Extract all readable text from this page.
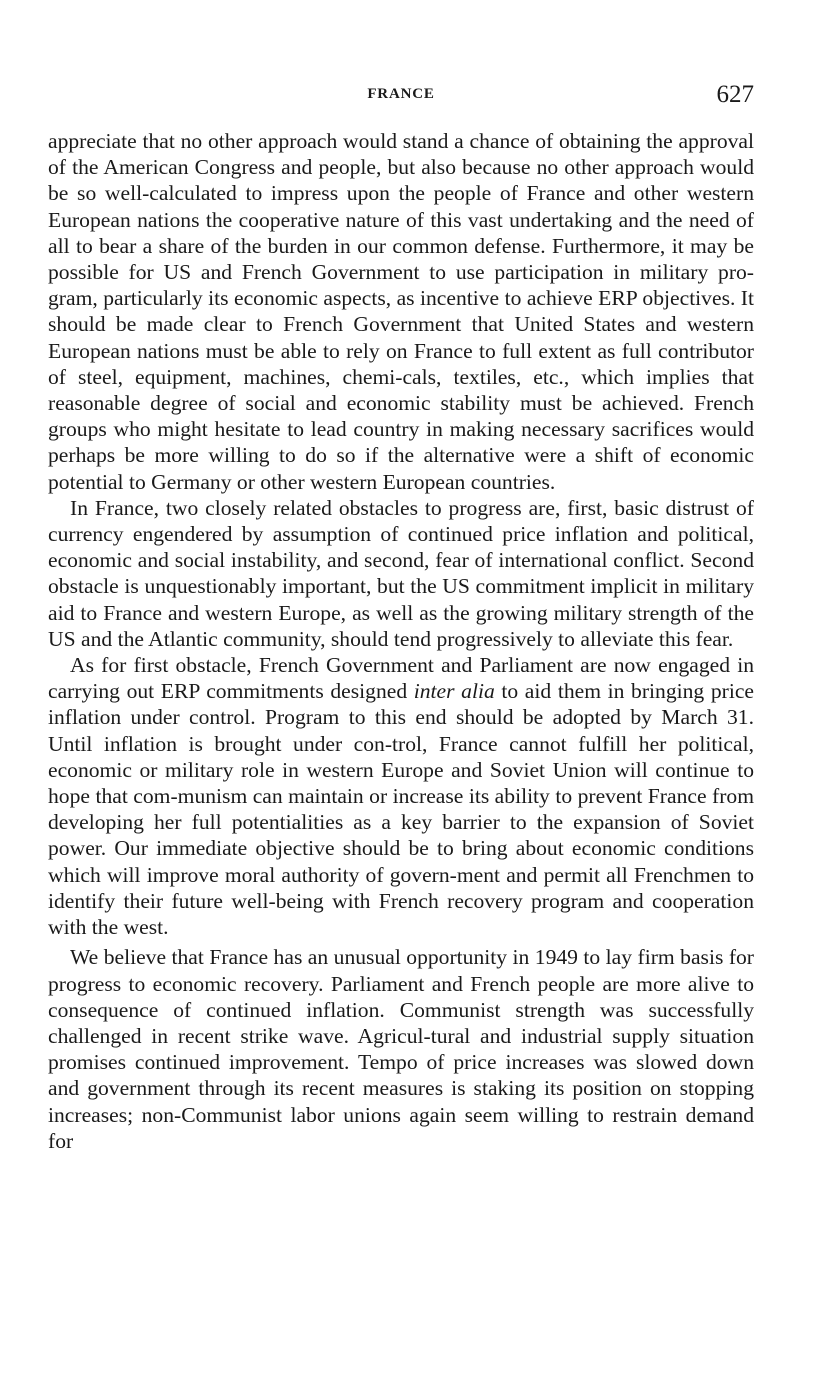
FRANCE	627

appreciate that no other approach would stand a chance of obtaining the approval of the American Congress and people, but also because no other approach would be so well-calculated to impress upon the people of France and other western European nations the cooperative nature of this vast undertaking and the need of all to bear a share of the burden in our common defense. Furthermore, it may be possible for US and French Government to use participation in military pro-gram, particularly its economic aspects, as incentive to achieve ERP objectives. It should be made clear to French Government that United States and western European nations must be able to rely on France to full extent as full contributor of steel, equipment, machines, chemi-cals, textiles, etc., which implies that reasonable degree of social and economic stability must be achieved. French groups who might hesitate to lead country in making necessary sacrifices would perhaps be more willing to do so if the alternative were a shift of economic potential to Germany or other western European countries.

In France, two closely related obstacles to progress are, first, basic distrust of currency engendered by assumption of continued price inflation and political, economic and social instability, and second, fear of international conflict. Second obstacle is unquestionably important, but the US commitment implicit in military aid to France and western Europe, as well as the growing military strength of the US and the Atlantic community, should tend progressively to alleviate this fear.

As for first obstacle, French Government and Parliament are now engaged in carrying out ERP commitments designed inter alia to aid them in bringing price inflation under control. Program to this end should be adopted by March 31. Until inflation is brought under con-trol, France cannot fulfill her political, economic or military role in western Europe and Soviet Union will continue to hope that com-munism can maintain or increase its ability to prevent France from developing her full potentialities as a key barrier to the expansion of Soviet power. Our immediate objective should be to bring about economic conditions which will improve moral authority of govern-ment and permit all Frenchmen to identify their future well-being with French recovery program and cooperation with the west.

We believe that France has an unusual opportunity in 1949 to lay firm basis for progress to economic recovery. Parliament and French people are more alive to consequence of continued inflation. Communist strength was successfully challenged in recent strike wave. Agricul-tural and industrial supply situation promises continued improvement. Tempo of price increases was slowed down and government through its recent measures is staking its position on stopping increases; non-Communist labor unions again seem willing to restrain demand for
